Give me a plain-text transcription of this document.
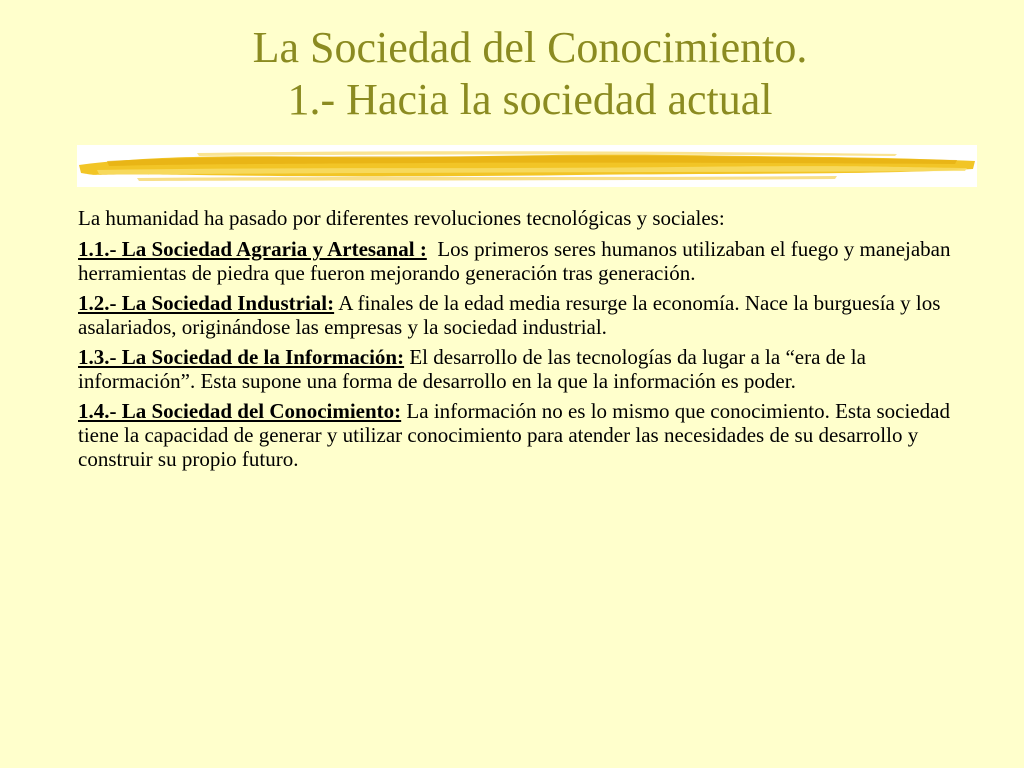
La Sociedad del Conocimiento.
1.- Hacia la sociedad actual

La humanidad ha pasado por diferentes revoluciones tecnológicas y sociales:

1.1.- La Sociedad Agraria y Artesanal : Los primeros seres humanos utilizaban el fuego y manejaban herramientas de piedra que fueron mejorando generación tras generación.

1.2.- La Sociedad Industrial: A finales de la edad media resurge la economía. Nace la burguesía y los asalariados, originándose las empresas y la sociedad industrial.

1.3.- La Sociedad de la Información: El desarrollo de las tecnologías da lugar a la “era de la información”. Esta supone una forma de desarrollo en la que la información es poder.

1.4.- La Sociedad del Conocimiento: La información no es lo mismo que conocimiento. Esta sociedad tiene la capacidad de generar y utilizar conocimiento para atender las necesidades de su desarrollo y construir su propio futuro.
